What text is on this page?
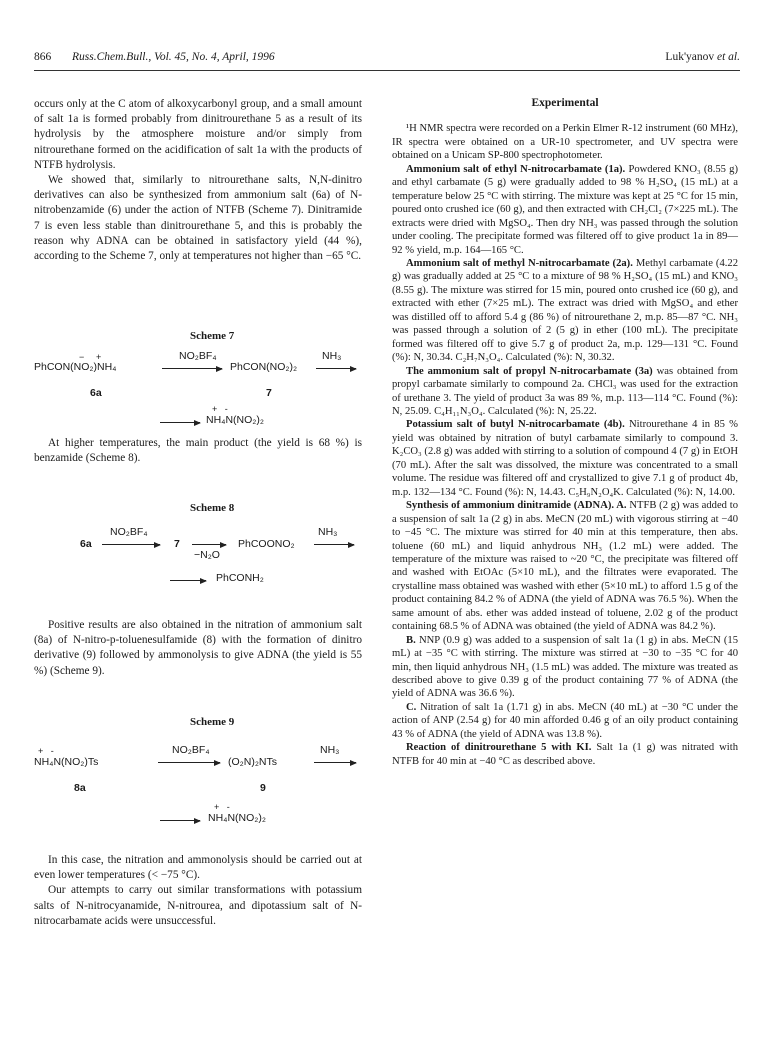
866 Russ.Chem.Bull., Vol. 45, No. 4, April, 1996	Luk'yanov et al.

occurs only at the C atom of alkoxycarbonyl group, and a small amount of salt 1a is formed probably from dinitrourethane 5 as a result of its hydrolysis by the atmosphere moisture and/or simply from nitrourethane formed on the acidification of salt 1a with the products of NTFB hydrolysis.

We showed that, similarly to nitrourethane salts, N,N-dinitro derivatives can also be synthesized from ammonium salt (6a) of N-nitrobenzamide (6) under the action of NTFB (Scheme 7). Dinitramide 7 is even less stable than dinitrourethane 5, and this is probably the reason why ADNA can be obtained in satisfactory yield (44 %), according to the Scheme 7, only at temperatures not higher than −65 °C.

Scheme 7
− +
PhCON(NO₂)NH₄
NO₂BF₄
PhCON(NO₂)₂
NH₃
6a	7
+   -
NH₄N(NO₂)₂

At higher temperatures, the main product (the yield is 68 %) is benzamide (Scheme 8).

Scheme 8
6a
NO₂BF₄
7
−N₂O
PhCOONO₂
NH₃
PhCONH₂

Positive results are also obtained in the nitration of ammonium salt (8a) of N-nitro-p-toluenesulfamide (8) with the formation of dinitro derivative (9) followed by ammonolysis to give ADNA (the yield is 55 %) (Scheme 9).

Scheme 9
+   -
NH₄N(NO₂)Ts
NO₂BF₄
(O₂N)₂NTs
NH₃
8a	9
+   -
NH₄N(NO₂)₂

In this case, the nitration and ammonolysis should be carried out at even lower temperatures (< −75 °C).

Our attempts to carry out similar transformations with potassium salts of N-nitrocyanamide, N-nitrourea, and dipotassium salt of N-nitrocarbamate acids were unsuccessful.

Experimental

¹H NMR spectra were recorded on a Perkin Elmer R-12 instrument (60 MHz), IR spectra were obtained on a UR-10 spectrometer, and UV spectra were obtained on a Unicam SP-800 spectrophotometer.

Ammonium salt of ethyl N-nitrocarbamate (1a). Powdered KNO₃ (8.55 g) and ethyl carbamate (5 g) were gradually added to 98 % H₂SO₄ (15 mL) at a temperature below 25 °C with stirring. The mixture was kept at 25 °C for 15 min, poured onto crushed ice (60 g), and then extracted with CH₂Cl₂ (7×225 mL). The extracts were dried with MgSO₄. Then dry NH₃ was passed through the solution under cooling. The precipitate formed was filtered off to give product 1a in 89—92 % yield, m.p. 164—165 °C.

Ammonium salt of methyl N-nitrocarbamate (2a). Methyl carbamate (4.22 g) was gradually added at 25 °C to a mixture of 98 % H₂SO₄ (15 mL) and KNO₃ (8.55 g). The mixture was stirred for 15 min, poured onto crushed ice (60 g), and extracted with ether (7×25 mL). The extract was dried with MgSO₄ and ether was distilled off to afford 5.4 g (86 %) of nitrourethane 2, m.p. 85—87 °C. NH₃ was passed through a solution of 2 (5 g) in ether (100 mL). The precipitate formed was filtered off to give 5.7 g of product 2a, m.p. 129—131 °C. Found (%): N, 30.34. C₂H₇N₃O₄. Calculated (%): N, 30.32.

The ammonium salt of propyl N-nitrocarbamate (3a) was obtained from propyl carbamate similarly to compound 2a. CHCl₃ was used for the extraction of urethane 3. The yield of product 3a was 89 %, m.p. 113—114 °C. Found (%): N, 25.09. C₄H₁₁N₃O₄. Calculated (%): N, 25.22.

Potassium salt of butyl N-nitrocarbamate (4b). Nitrourethane 4 in 85 % yield was obtained by nitration of butyl carbamate similarly to compound 3. K₂CO₃ (2.8 g) was added with stirring to a solution of compound 4 (7 g) in EtOH (70 mL). After the salt was dissolved, the mixture was concentrated to a small volume. The residue was filtered off and crystallized to give 7.1 g of product 4b, m.p. 132—134 °C. Found (%): N, 14.43. C₅H₉N₂O₄K. Calculated (%): N, 14.00.

Synthesis of ammonium dinitramide (ADNA). A. NTFB (2 g) was added to a suspension of salt 1a (2 g) in abs. MeCN (20 mL) with vigorous stirring at −40 to −45 °C. The mixture was stirred for 40 min at this temperature, then abs. toluene (60 mL) and liquid anhydrous NH₃ (1.2 mL) were added. The temperature of the mixture was raised to ~20 °C, the precipitate was filtered off and washed with EtOAc (5×10 mL), and the filtrates were evaporated. The crystalline mass obtained was washed with ether (5×10 mL) to afford 1.5 g of the product containing 84.2 % of ADNA (the yield of ADNA was 76.5 %). When the same amount of abs. ether was added instead of toluene, 2.02 g of the product containing 68.5 % of ADNA was obtained (the yield of ADNA was 84.2 %).

B. NNP (0.9 g) was added to a suspension of salt 1a (1 g) in abs. MeCN (15 mL) at −35 °C with stirring. The mixture was stirred at −30 to −35 °C for 40 min, then liquid anhydrous NH₃ (1.5 mL) was added. The mixture was treated as described above to give 0.39 g of the product containing 77 % of ADNA (the yield of ADNA was 36.6 %).

C. Nitration of salt 1a (1.71 g) in abs. MeCN (40 mL) at −30 °C under the action of ANP (2.54 g) for 40 min afforded 0.46 g of an oily product containing 43 % of ADNA (the yield of ADNA was 13.8 %).

Reaction of dinitrourethane 5 with KI. Salt 1a (1 g) was nitrated with NTFB for 40 min at −40 °C as described above.
